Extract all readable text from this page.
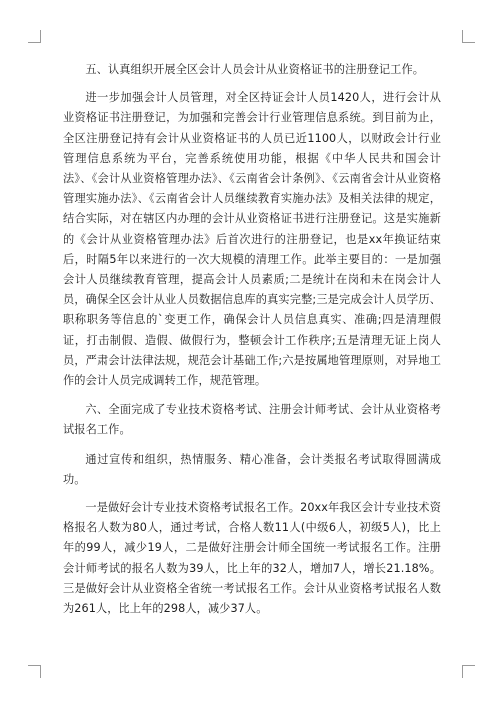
五、认真组织开展全区会计人员会计从业资格证书的注册登记工作。

进一步加强会计人员管理，对全区持证会计人员1420人，进行会计从业资格证书注册登记，为加强和完善会计行业管理信息系统。到目前为止，全区注册登记持有会计从业资格证书的人员已近1100人，以财政会计行业管理信息系统为平台，完善系统使用功能，根据《中华人民共和国会计法》、《会计从业资格管理办法》、《云南省会计条例》、《云南省会计从业资格管理实施办法》、《云南省会计人员继续教育实施办法》及相关法律的规定，结合实际，对在辖区内办理的会计从业资格证书进行注册登记。这是实施新的《会计从业资格管理办法》后首次进行的注册登记，也是xx年换证结束后，时隔5年以来进行的一次大规模的清理工作。此举主要目的：一是加强会计人员继续教育管理，提高会计人员素质;二是统计在岗和未在岗会计人员，确保全区会计从业人员数据信息库的真实完整;三是完成会计人员学历、职称职务等信息的`变更工作，确保会计人员信息真实、准确;四是清理假证，打击制假、造假、做假行为，整顿会计工作秩序;五是清理无证上岗人员，严肃会计法律法规，规范会计基础工作;六是按属地管理原则，对异地工作的会计人员完成调转工作，规范管理。

六、全面完成了专业技术资格考试、注册会计师考试、会计从业资格考试报名工作。

通过宣传和组织，热情服务、精心准备，会计类报名考试取得圆满成功。

一是做好会计专业技术资格考试报名工作。20xx年我区会计专业技术资格报名人数为80人，通过考试，合格人数11人(中级6人，初级5人)，比上年的99人，减少19人，二是做好注册会计师全国统一考试报名工作。注册会计师考试的报名人数为39人，比上年的32人，增加7人，增长21.18%。三是做好会计从业资格全省统一考试报名工作。会计从业资格考试报名人数为261人，比上年的298人，减少37人。
